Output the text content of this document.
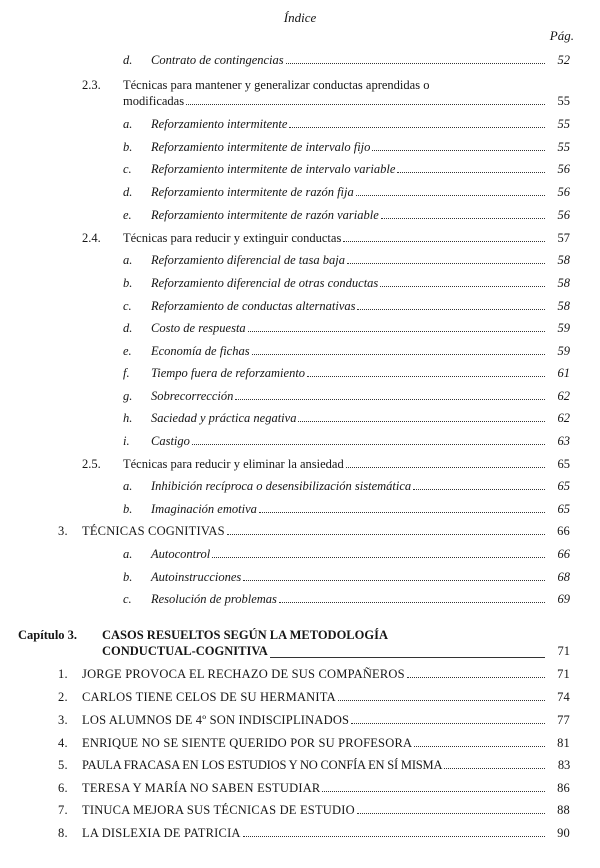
Índice
Pág.
d. Contrato de contingencias	52
2.3. Técnicas para mantener y generalizar conductas aprendidas o
modificadas	55
a. Reforzamiento intermitente	55
b. Reforzamiento intermitente de intervalo fijo	55
c. Reforzamiento intermitente de intervalo variable	56
d. Reforzamiento intermitente de razón fija	56
e. Reforzamiento intermitente de razón variable	56
2.4. Técnicas para reducir y extinguir conductas	57
a. Reforzamiento diferencial de tasa baja	58
b. Reforzamiento diferencial de otras conductas	58
c. Reforzamiento de conductas alternativas	58
d. Costo de respuesta	59
e. Economía de fichas	59
f. Tiempo fuera de reforzamiento	61
g. Sobrecorrección	62
h. Saciedad y práctica negativa	62
i. Castigo	63
2.5. Técnicas para reducir y eliminar la ansiedad	65
a. Inhibición recíproca o desensibilización sistemática	65
b. Imaginación emotiva	65
3. TÉCNICAS COGNITIVAS	66
a. Autocontrol	66
b. Autoinstrucciones	68
c. Resolución de problemas	69
Capítulo 3. CASOS RESUELTOS SEGÚN LA METODOLOGÍA
CONDUCTUAL-COGNITIVA	71
1. JORGE PROVOCA EL RECHAZO DE SUS COMPAÑEROS	71
2. CARLOS TIENE CELOS DE SU HERMANITA	74
3. LOS ALUMNOS DE 4º SON INDISCIPLINADOS	77
4. ENRIQUE NO SE SIENTE QUERIDO POR SU PROFESORA	81
5. PAULA FRACASA EN LOS ESTUDIOS Y NO CONFÍA EN SÍ MISMA	83
6. TERESA Y MARÍA NO SABEN ESTUDIAR	86
7. TINUCA MEJORA SUS TÉCNICAS DE ESTUDIO	88
8. LA DISLEXIA DE PATRICIA	90
